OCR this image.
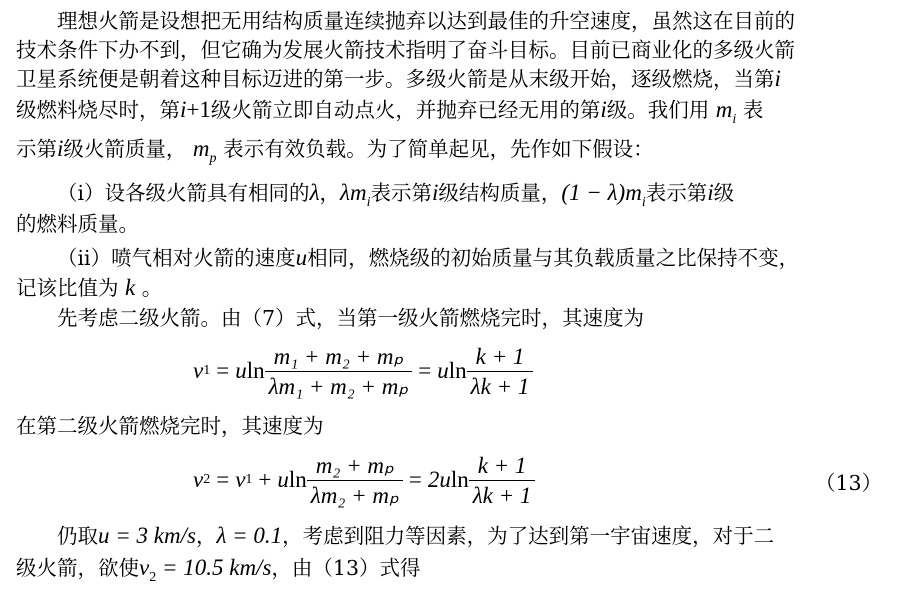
理想火箭是设想把无用结构质量连续抛弃以达到最佳的升空速度，虽然这在目前的
技术条件下办不到，但它确为发展火箭技术指明了奋斗目标。目前已商业化的多级火箭
卫星系统便是朝着这种目标迈进的第一步。多级火箭是从末级开始，逐级燃烧，当第i
级燃料烧尽时，第i+1级火箭立即自动点火，并抛弃已经无用的第i级。我们用 $m_i$ 表
示第i级火箭质量， $m_p$ 表示有效负载。为了简单起见，先作如下假设：
（i）设各级火箭具有相同的λ，$\lambda m_i$表示第i级结构质量，$(1 - \lambda)m_i$表示第i级
的燃料质量。
（ii）喷气相对火箭的速度u相同，燃烧级的初始质量与其负载质量之比保持不变，
记该比值为 k 。
先考虑二级火箭。由（7）式，当第一级火箭燃烧完时，其速度为
v 1 = u $\ln \frac{\text{m₁ + m₂ + mₚ}}{\text{λm₁ + m₂ + mₚ}} = u$ $\ln \frac{k + 1}{\lambda k + 1}$
在第二级火箭燃烧完时，其速度为
v 2 = v 1 + u $\ln \frac{\text{m₂ + mₚ}}{\text{λm₂ + mₚ}} = 2u$ $\ln \frac{k + 1}{\lambda k + 1}$	（13）
仍取u = 3 km/s，λ = 0.1，考虑到阻力等因素，为了达到第一宇宙速度，对于二
级火箭，欲使$v_2 = 10.5$ km/s，由（13）式得
